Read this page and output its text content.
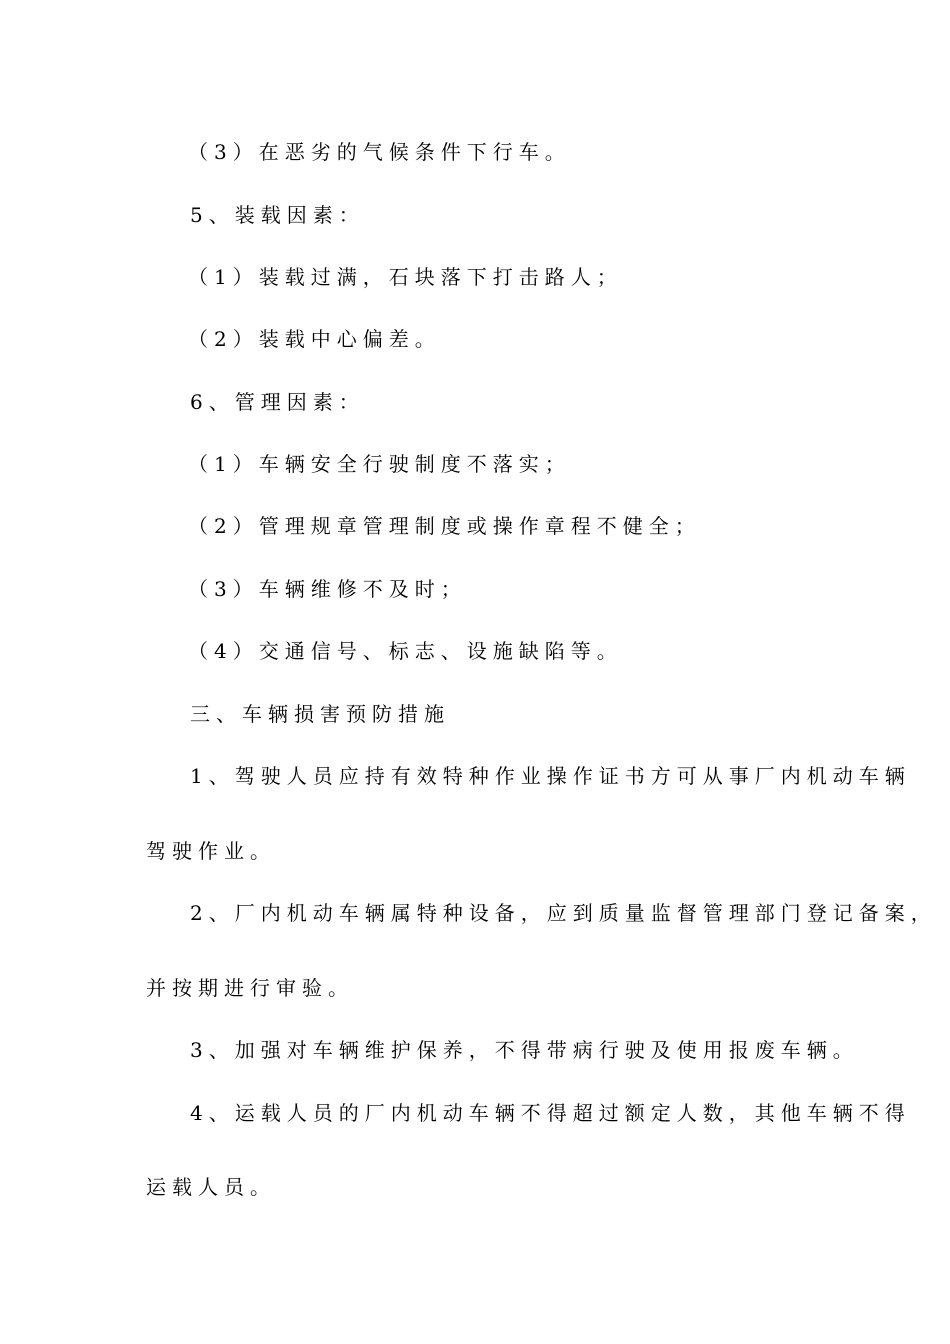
（3）在恶劣的气候条件下行车。
5、装载因素：
（1）装载过满，石块落下打击路人；
（2）装载中心偏差。
6、管理因素：
（1）车辆安全行驶制度不落实；
（2）管理规章管理制度或操作章程不健全；
（3）车辆维修不及时；
（4）交通信号、标志、设施缺陷等。
三、车辆损害预防措施
1、驾驶人员应持有效特种作业操作证书方可从事厂内机动车辆
驾驶作业。
2、厂内机动车辆属特种设备，应到质量监督管理部门登记备案，
并按期进行审验。
3、加强对车辆维护保养，不得带病行驶及使用报废车辆。
4、运载人员的厂内机动车辆不得超过额定人数，其他车辆不得
运载人员。
